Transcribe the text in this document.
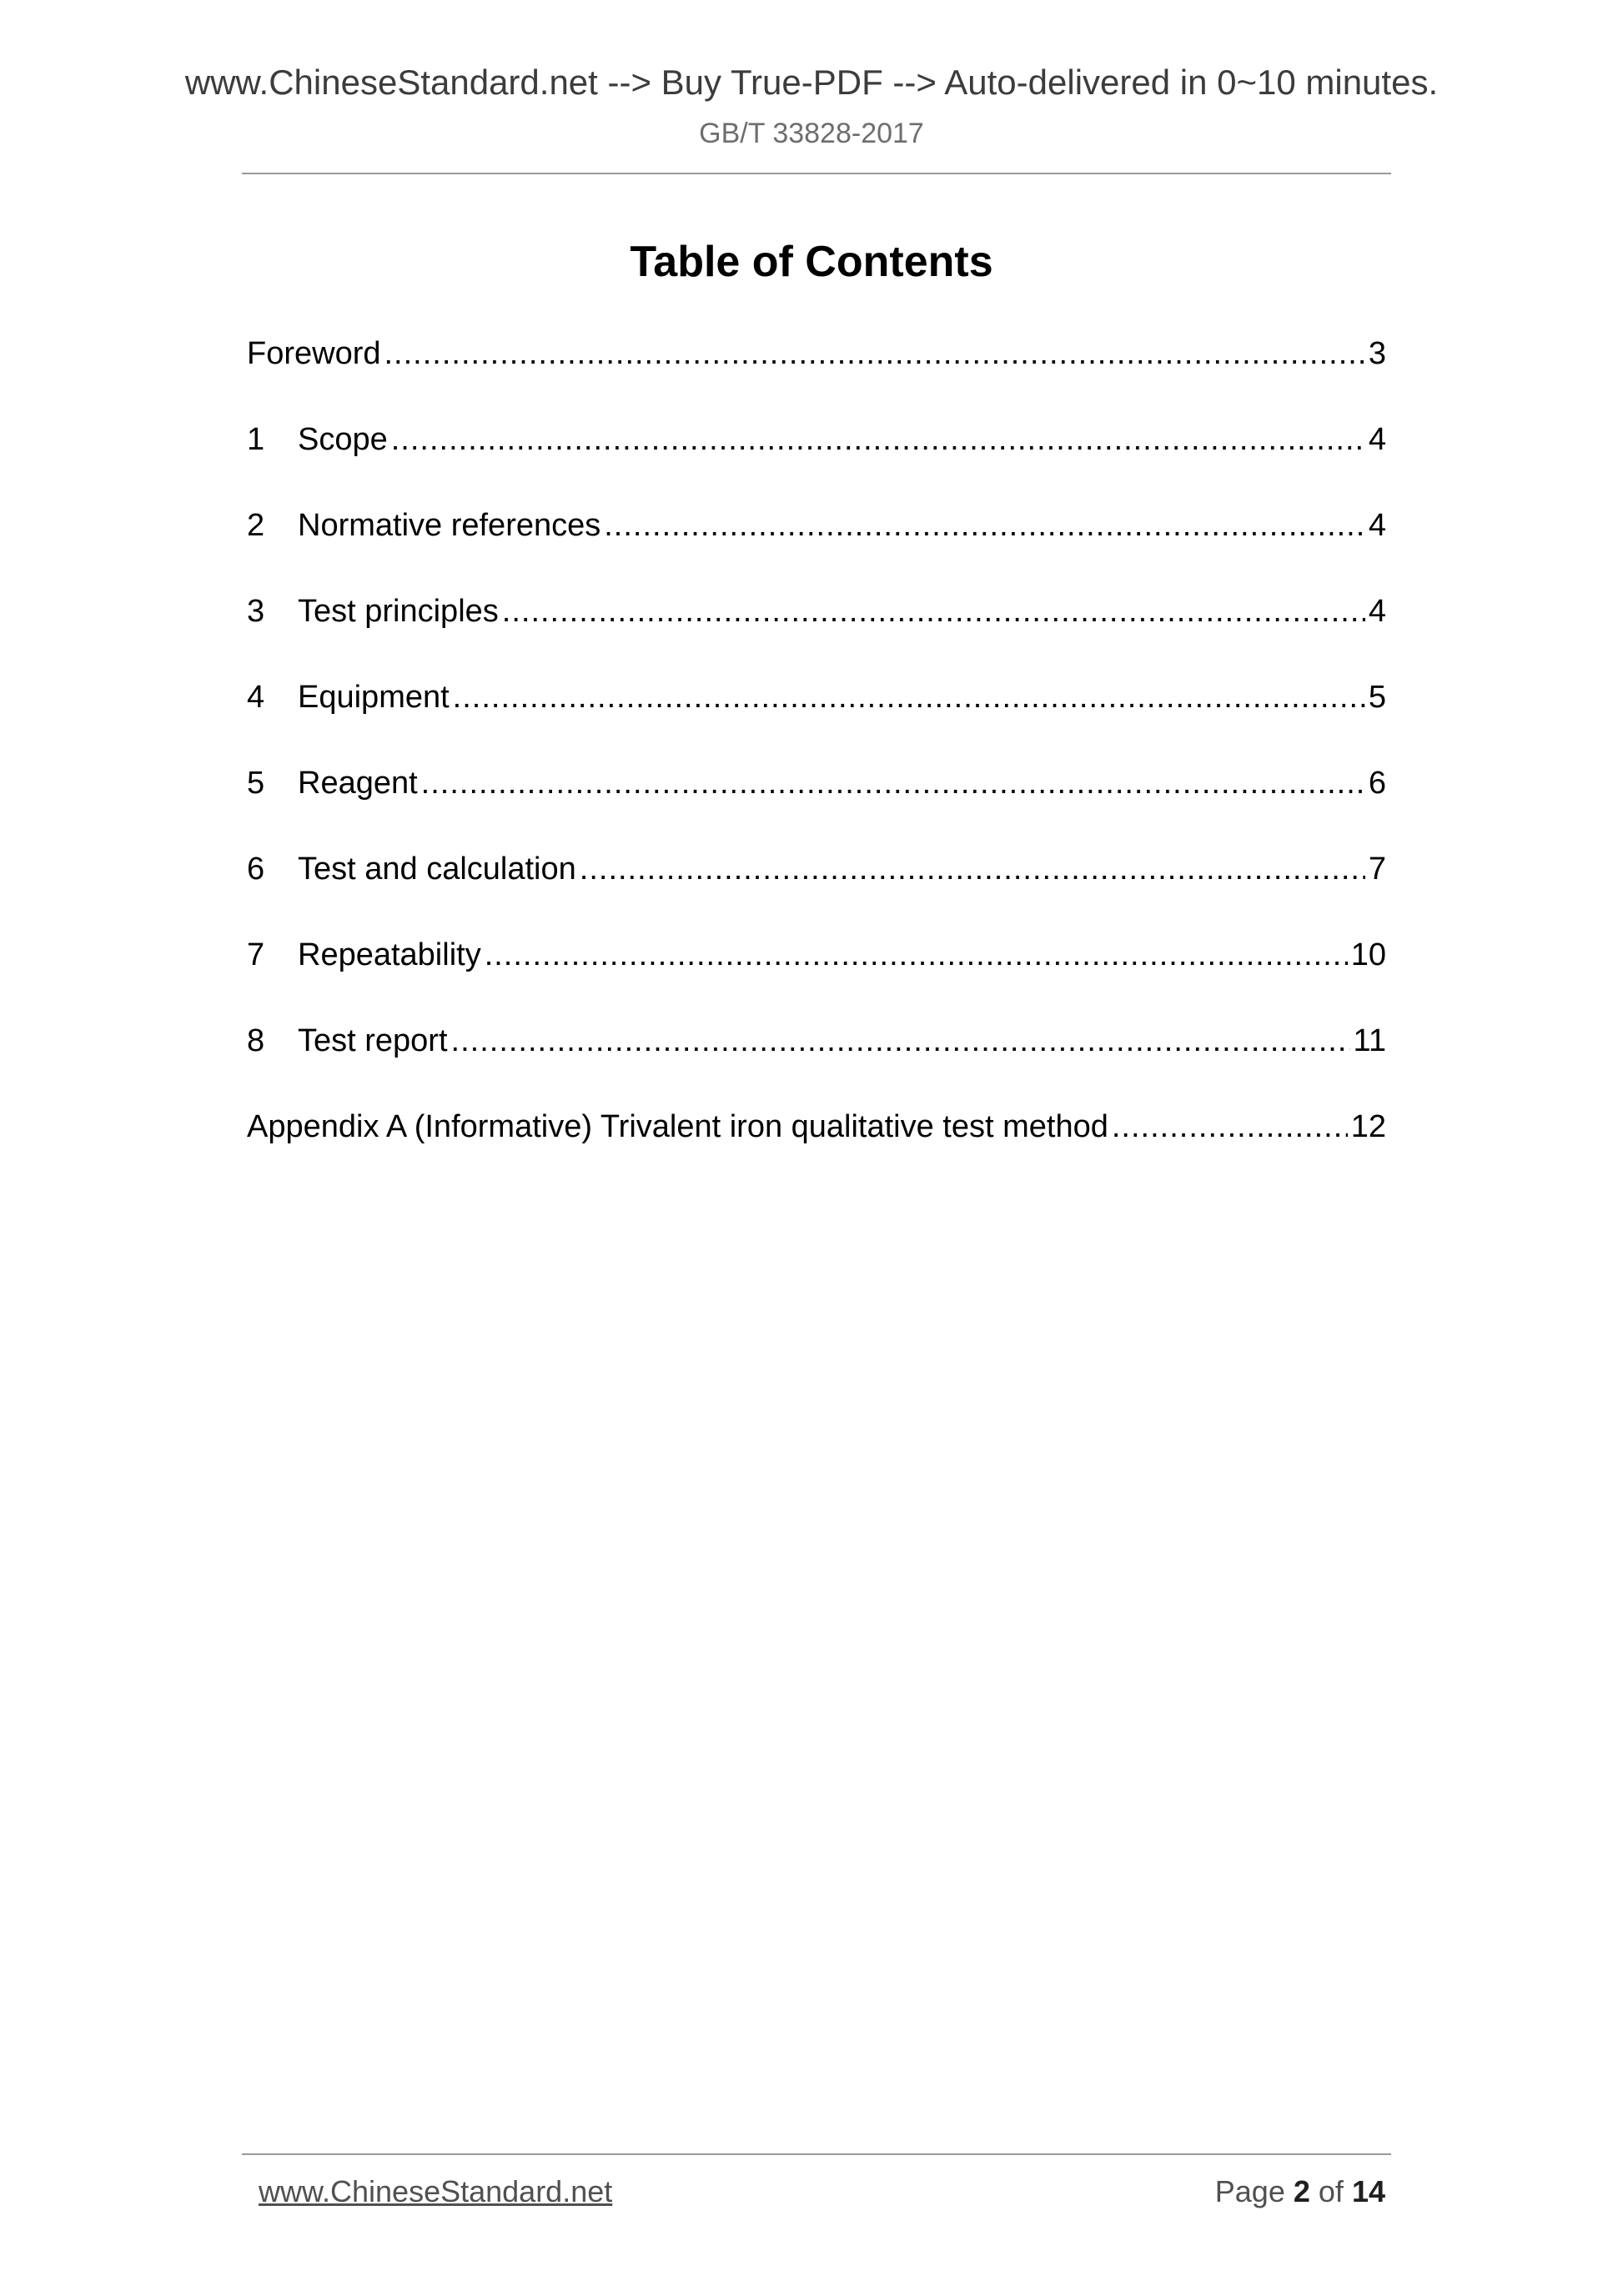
www.ChineseStandard.net --> Buy True-PDF --> Auto-delivered in 0~10 minutes.
GB/T 33828-2017
Table of Contents
Foreword .....	3
1	Scope .....	4
2	Normative references .....	4
3	Test principles .....	4
4	Equipment .....	5
5	Reagent .....	6
6	Test and calculation .....	7
7	Repeatability .....	10
8	Test report .....	11
Appendix A (Informative) Trivalent iron qualitative test method .....	12
www.ChineseStandard.net	Page 2 of 14
